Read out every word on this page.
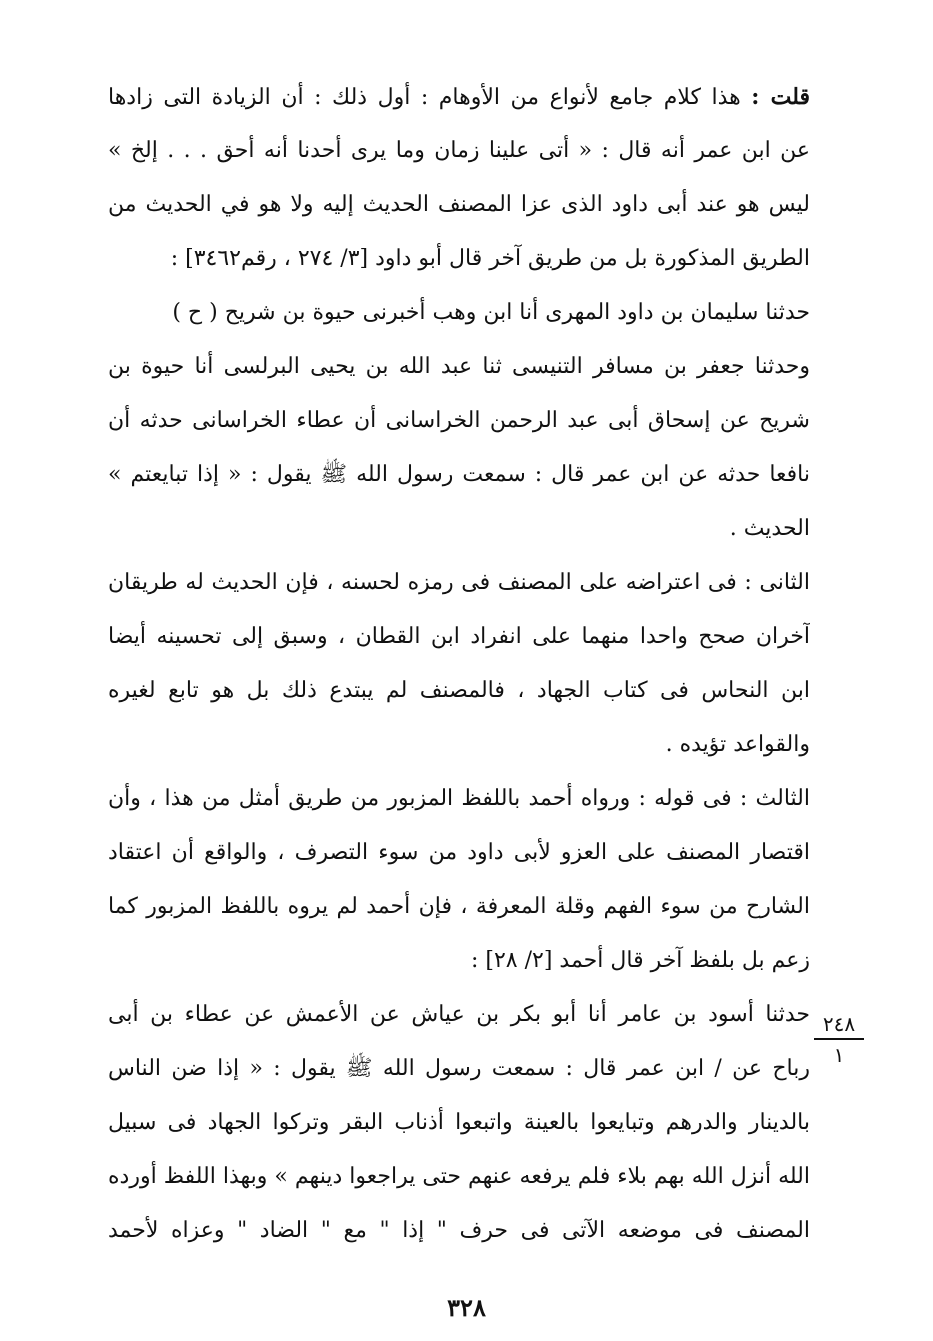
قلت : هذا كلام جامع لأنواع من الأوهام : أول ذلك : أن الزيادة التى زادها
عن ابن عمر أنه قال : « أتى علينا زمان وما يرى أحدنا أنه أحق . . . إلخ »
ليس هو عند أبى داود الذى عزا المصنف الحديث إليه ولا هو في الحديث من
الطريق المذكورة بل من طريق آخر قال أبو داود [٣/ ٢٧٤ ، رقم٣٤٦٢] :
حدثنا سليمان بن داود المهرى أنا ابن وهب أخبرنى حيوة بن شريح ( ح )
وحدثنا جعفر بن مسافر التنيسى ثنا عبد الله بن يحيى البرلسى أنا حيوة بن
شريح عن إسحاق أبى عبد الرحمن الخراسانى أن عطاء الخراسانى حدثه أن
نافعا حدثه عن ابن عمر قال : سمعت رسول الله ﷺ يقول : « إذا تبايعتم »
الحديث .
الثانى : فى اعتراضه على المصنف فى رمزه لحسنه ، فإن الحديث له طريقان
آخران صحح واحدا منهما على انفراد ابن القطان ، وسبق إلى تحسينه أيضا
ابن النحاس فى كتاب الجهاد ، فالمصنف لم يبتدع ذلك بل هو تابع لغيره
والقواعد تؤيده .
الثالث : فى قوله : ورواه أحمد باللفظ المزبور من طريق أمثل من هذا ، وأن
اقتصار المصنف على العزو لأبى داود من سوء التصرف ، والواقع أن اعتقاد
الشارح من سوء الفهم وقلة المعرفة ، فإن أحمد لم يروه باللفظ المزبور كما
زعم بل بلفظ آخر قال أحمد [٢/ ٢٨] :
حدثنا أسود بن عامر أنا أبو بكر بن عياش عن الأعمش عن عطاء بن أبى
رباح عن / ابن عمر قال : سمعت رسول الله ﷺ يقول : « إذا ضن الناس
بالدينار والدرهم وتبايعوا بالعينة واتبعوا أذناب البقر وتركوا الجهاد فى سبيل
الله أنزل الله بهم بلاء فلم يرفعه عنهم حتى يراجعوا دينهم » وبهذا اللفظ أورده
المصنف فى موضعه الآتى فى حرف " إذا " مع " الضاد " وعزاه لأحمد
٢٤٨
١
٣٢٨
